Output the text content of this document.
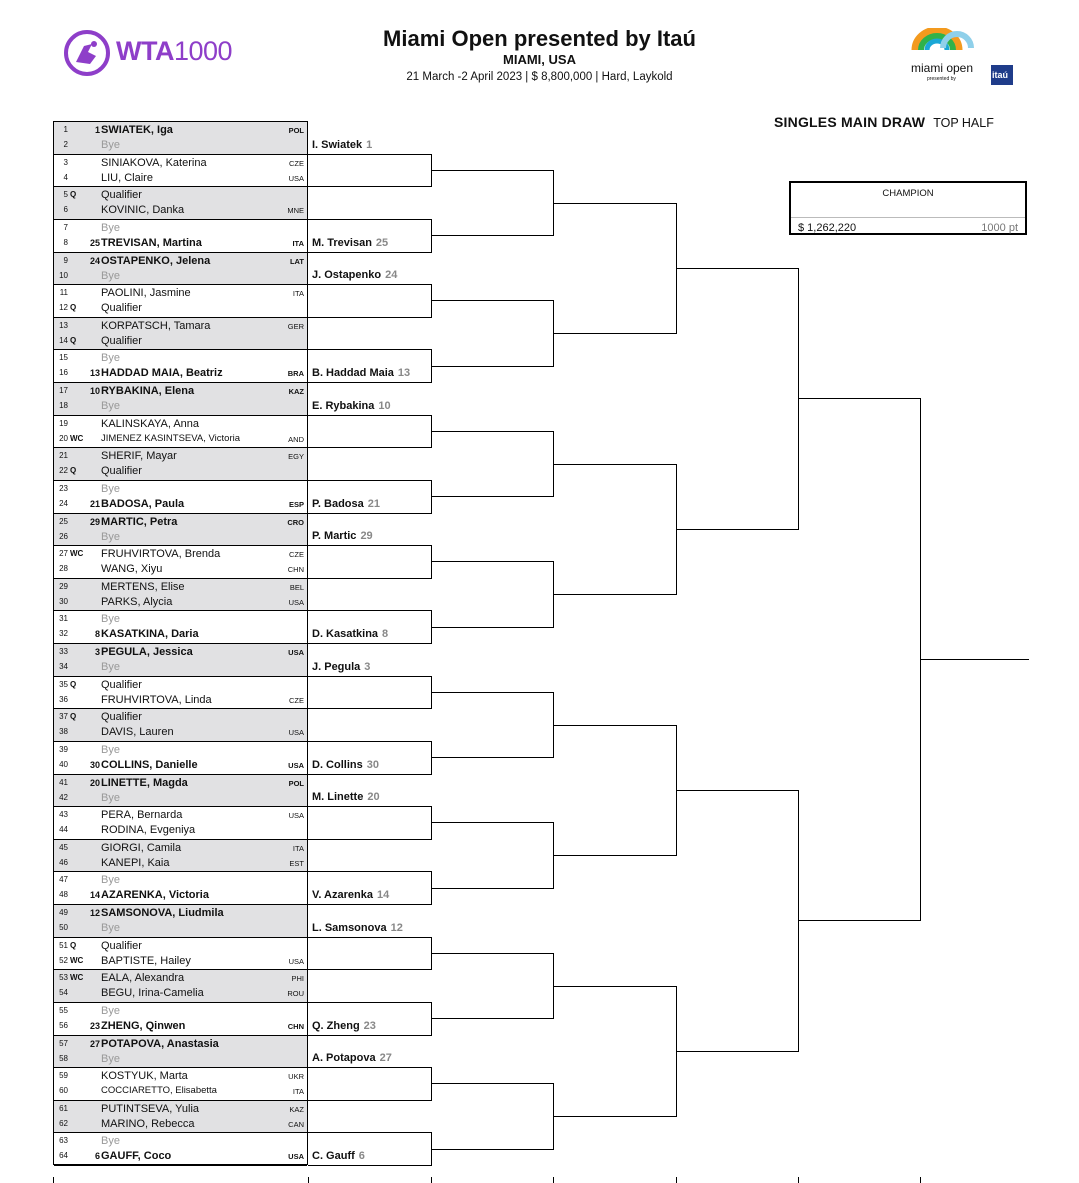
WTA1000	Miami Open presented by Itaú
MIAMI, USA
21 March -2 April 2023 | $ 8,800,000 | Hard, Laykold
miami open
presented by	itaú
SINGLES MAIN DRAW TOP HALF
CHAMPION
$ 1,262,220	1000 pt
1	1 SWIATEK, Iga	POL
2	Bye
3	SINIAKOVA, Katerina	CZE
4	LIU, Claire	USA
5 Q Qualifier
6	KOVINIC, Danka	MNE
7	Bye
8	25 TREVISAN, Martina	ITA
9	24 OSTAPENKO, Jelena	LAT
10	Bye
11	PAOLINI, Jasmine	ITA
12 Q Qualifier
13	KORPATSCH, Tamara	GER
14 Q Qualifier
15	Bye
16	13 HADDAD MAIA, Beatriz	BRA
17	10 RYBAKINA, Elena	KAZ
18	Bye
19	KALINSKAYA, Anna
20 WC JIMENEZ KASINTSEVA, Victoria	AND
21	SHERIF, Mayar	EGY
22 Q Qualifier
23	Bye
24	21 BADOSA, Paula	ESP
25	29 MARTIC, Petra	CRO
26	Bye
27 WC FRUHVIRTOVA, Brenda	CZE
28	WANG, Xiyu	CHN
29	MERTENS, Elise	BEL
30	PARKS, Alycia	USA
31	Bye
32	8 KASATKINA, Daria
33	3 PEGULA, Jessica	USA
34	Bye
35 Q Qualifier
36	FRUHVIRTOVA, Linda	CZE
37 Q Qualifier
38	DAVIS, Lauren	USA
39	Bye
40	30 COLLINS, Danielle	USA
41	20 LINETTE, Magda	POL
42	Bye
43	PERA, Bernarda	USA
44	RODINA, Evgeniya
45	GIORGI, Camila	ITA
46	KANEPI, Kaia	EST
47	Bye
48	14 AZARENKA, Victoria
49	12 SAMSONOVA, Liudmila
50	Bye
51 Q Qualifier
52 WC BAPTISTE, Hailey	USA
53 WC EALA, Alexandra	PHI
54	BEGU, Irina-Camelia	ROU
55	Bye
56	23 ZHENG, Qinwen	CHN
57	27 POTAPOVA, Anastasia
58	Bye
59	KOSTYUK, Marta	UKR
60	COCCIARETTO, Elisabetta	ITA
61	PUTINTSEVA, Yulia	KAZ
62	MARINO, Rebecca	CAN
63	Bye
64	6 GAUFF, Coco	USA
I. Swiatek 1
M. Trevisan 25
J. Ostapenko 24
B. Haddad Maia 13
E. Rybakina 10
P. Badosa 21
P. Martic 29
D. Kasatkina 8
J. Pegula 3
D. Collins 30
M. Linette 20
V. Azarenka 14
L. Samsonova 12
Q. Zheng 23
A. Potapova 27
C. Gauff 6
